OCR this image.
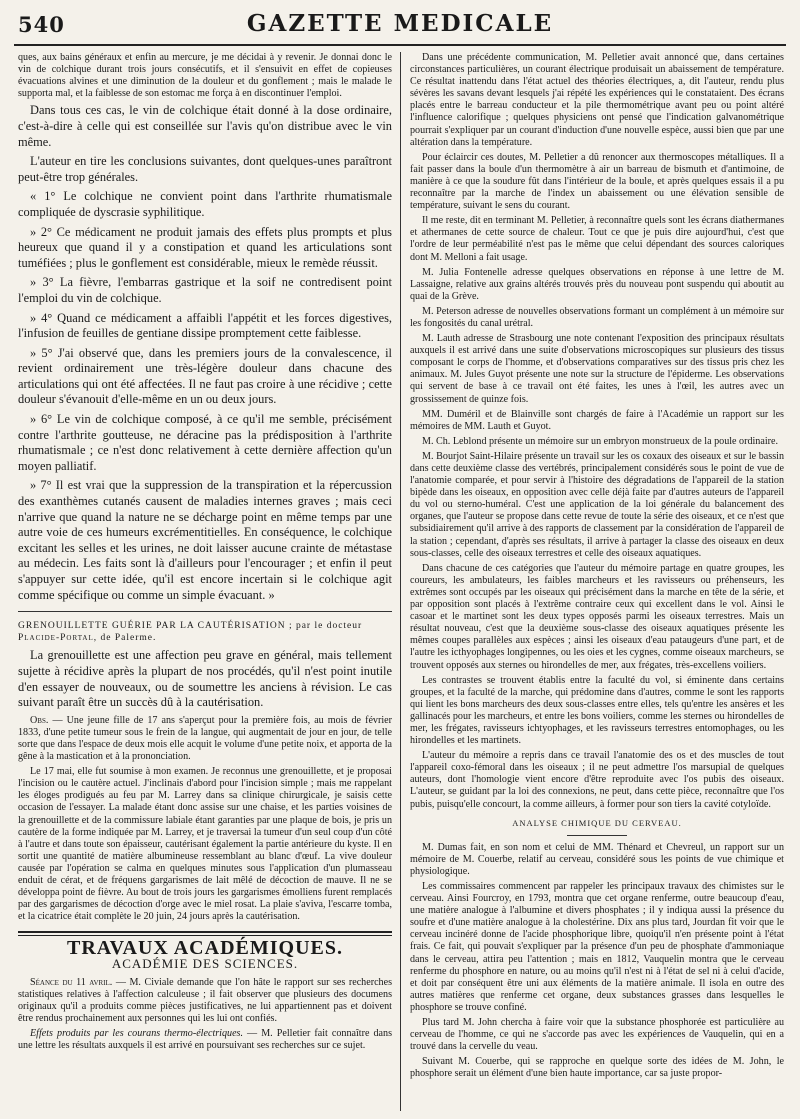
540	GAZETTE MEDICALE

ques, aux bains généraux et enfin au mercure, je me décidai à y revenir. Je donnai donc le vin de colchique durant trois jours consécutifs, et il s'ensuivit en effet de copieuses évacuations alvines et une diminution de la douleur et du gonflement ; mais le malade le supporta mal, et la faiblesse de son estomac me força à en discontinuer l'emploi.

Dans tous ces cas, le vin de colchique était donné à la dose ordinaire, c'est-à-dire à celle qui est conseillée sur l'avis qu'on distribue avec le vin même.

L'auteur en tire les conclusions suivantes, dont quelques-unes paraîtront peut-être trop générales.

« 1° Le colchique ne convient point dans l'arthrite rhumatismale compliquée de dyscrasie syphilitique.

» 2° Ce médicament ne produit jamais des effets plus prompts et plus heureux que quand il y a constipation et quand les articulations sont tuméfiées ; plus le gonflement est considérable, mieux le remède réussit.

» 3° La fièvre, l'embarras gastrique et la soif ne contredisent point l'emploi du vin de colchique.

» 4° Quand ce médicament a affaibli l'appétit et les forces digestives, l'infusion de feuilles de gentiane dissipe promptement cette faiblesse.

» 5° J'ai observé que, dans les premiers jours de la convalescence, il revient ordinairement une très-légère douleur dans chacune des articulations qui ont été affectées. Il ne faut pas croire à une récidive ; cette douleur s'évanouit d'elle-même en un ou deux jours.

» 6° Le vin de colchique composé, à ce qu'il me semble, précisément contre l'arthrite goutteuse, ne déracine pas la prédisposition à l'arthrite rhumatismale ; ce n'est donc relativement à cette dernière affection qu'un moyen palliatif.

» 7° Il est vrai que la suppression de la transpiration et la répercussion des exanthèmes cutanés causent de maladies internes graves ; mais ceci n'arrive que quand la nature ne se décharge point en même temps par une autre voie de ces humeurs excrémentitielles. En conséquence, le colchique excitant les selles et les urines, ne doit laisser aucune crainte de métastase au médecin. Les faits sont là d'ailleurs pour l'encourager ; et enfin il peut s'appuyer sur cette idée, qu'il est encore incertain si le colchique agit comme spécifique ou comme un simple évacuant. »

GRENOUILLETTE GUÉRIE PAR LA CAUTÉRISATION ; par le docteur Placide-Portal, de Palerme.

La grenouillette est une affection peu grave en général, mais tellement sujette à récidive après la plupart de nos procédés, qu'il n'est point inutile d'en essayer de nouveaux, ou de soumettre les anciens à révision. Le cas suivant paraît être un succès dû à la cautérisation.

Obs. — Une jeune fille de 17 ans s'aperçut pour la première fois, au mois de février 1833, d'une petite tumeur sous le frein de la langue, qui augmentait de jour en jour, de telle sorte que dans l'espace de deux mois elle acquit le volume d'une petite noix, et apporta de la gêne à la mastication et à la prononciation.

Le 17 mai, elle fut soumise à mon examen. Je reconnus une grenouillette, et je proposai l'incision ou le cautère actuel. J'inclinais d'abord pour l'incision simple ; mais me rappelant les éloges prodigués au feu par M. Larrey dans sa clinique chirurgicale, je saisis cette occasion de l'essayer. La malade étant donc assise sur une chaise, et les parties voisines de la grenouillette et de la commissure labiale étant garanties par une plaque de bois, je pris un cautère de la forme indiquée par M. Larrey, et je traversai la tumeur d'un seul coup d'un côté à l'autre et dans toute son épaisseur, cautérisant également la partie antérieure du kyste. Il en sortit une quantité de matière albumineuse ressemblant au blanc d'œuf. La vive douleur causée par l'opération se calma en quelques minutes sous l'application d'un plumasseau enduit de cérat, et de fréquens gargarismes de lait mêlé de décoction de mauve. Il ne se développa point de fièvre. Au bout de trois jours les gargarismes émolliens furent remplacés par des gargarismes de décoction d'orge avec le miel rosat. La plaie s'avivа, l'escarre tomba, et la cicatrice était complète le 20 juin, 24 jours après la cautérisation.

TRAVAUX ACADÉMIQUES.
ACADÉMIE DES SCIENCES.

Séance du 11 avril. — M. Civiale demande que l'on hâte le rapport sur ses recherches statistiques relatives à l'affection calculeuse ; il fait observer que plusieurs des documens originaux qu'il a produits comme pièces justificatives, ne lui appartiennent pas et doivent être rendus prochainement aux personnes qui les lui ont confiés.

Effets produits par les courans thermo-électriques. — M. Pelletier fait connaître dans une lettre les résultats auxquels il est arrivé en poursuivant ses recherches sur ce sujet.

Dans une précédente communication, M. Pelletier avait annoncé que, dans certaines circonstances particulières, un courant électrique produisait un abaissement de température. Ce résultat inattendu dans l'état actuel des théories électriques, a, dit l'auteur, rendu plus sévères les savans devant lesquels j'ai répété les expériences qui le constataient. Des écrans placés entre le barreau conducteur et la pile thermométrique avant peu ou point altéré l'influence calorifique ; quelques physiciens ont pensé que l'indication galvanométrique pourrait s'expliquer par un courant d'induction d'une nouvelle espèce, aussi bien que par une altération dans la température.

Pour éclaircir ces doutes, M. Pelletier a dû renoncer aux thermoscopes métalliques. Il a fait passer dans la boule d'un thermomètre à air un barreau de bismuth et d'antimoine, de manière à ce que la soudure fût dans l'intérieur de la boule, et après quelques essais il a pu reconnaître par la marche de l'index un abaissement ou une élévation sensible de température, suivant le sens du courant.

Il me reste, dit en terminant M. Pelletier, à reconnaître quels sont les écrans diathermanes et athermanes de cette source de chaleur. Tout ce que je puis dire aujourd'hui, c'est que l'ordre de leur perméabilité n'est pas le même que celui dépendant des sources caloriques dont M. Melloni a fait usage.

M. Julia Fontenelle adresse quelques observations en réponse à une lettre de M. Lassaigne, relative aux grains altérés trouvés près du nouveau pont suspendu qui aboutit au quai de la Grève.

M. Peterson adresse de nouvelles observations formant un complément à un mémoire sur les fongosités du canal urétral.

M. Lauth adresse de Strasbourg une note contenant l'exposition des principaux résultats auxquels il est arrivé dans une suite d'observations microscopiques sur plusieurs des tissus composant le corps de l'homme, et d'observations comparatives sur des tissus pris chez les animaux. M. Jules Guyot présente une note sur la structure de l'épiderme. Les observations qui servent de base à ce travail ont été faites, les unes à l'œil, les autres avec un grossissement de quinze fois.

MM. Duméril et de Blainville sont chargés de faire à l'Académie un rapport sur les mémoires de MM. Lauth et Guyot.

M. Ch. Leblond présente un mémoire sur un embryon monstrueux de la poule ordinaire.

M. Bourjot Saint-Hilaire présente un travail sur les os coxaux des oiseaux et sur le bassin dans cette deuxième classe des vertébrés, principalement considérés sous le point de vue de l'anatomie comparée, et pour servir à l'histoire des dégradations de l'appareil de la station bipède dans les oiseaux, en opposition avec celle déjà faite par d'autres auteurs de l'appareil du vol ou sterno-huméral. C'est une application de la loi générale du balancement des organes, que l'auteur se propose dans cette revue de toute la série des oiseaux, et ce n'est que subsidiairement qu'il arrive à des rapports de classement par la considération de l'appareil de la station ; cependant, d'après ses résultats, il arrive à partager la classe des oiseaux en deux sous-classes, celle des oiseaux terrestres et celle des oiseaux aquatiques.

Dans chacune de ces catégories que l'auteur du mémoire partage en quatre groupes, les coureurs, les ambulateurs, les faibles marcheurs et les ravisseurs ou préhenseurs, les extrêmes sont occupés par les oiseaux qui précisément dans la marche en tête de la série, et par opposition sont placés à l'extrême contraire ceux qui excellent dans le vol. Ainsi le casoar et le martinet sont les deux types opposés parmi les oiseaux terrestres. Mais un résultat nouveau, c'est que la deuxième sous-classe des oiseaux aquatiques présente les mêmes coupes parallèles aux espèces ; ainsi les oiseaux d'eau pataugeurs d'une part, et de l'autre les icthyophages longipennes, ou les oies et les cygnes, comme oiseaux marcheurs, se trouvent opposés aux sternes ou hirondelles de mer, aux frégates, très-excellens voiliers.

Les contrastes se trouvent établis entre la faculté du vol, si éminente dans certains groupes, et la faculté de la marche, qui prédomine dans d'autres, comme le sont les rapports qui lient les bons marcheurs des deux sous-classes entre elles, tels qu'entre les ansères et les gallinacés pour les marcheurs, et entre les bons voiliers, comme les sternes ou hirondelles de mer, les frégates, ravisseurs ichtyophages, et les ravisseurs terrestres entomophages, ou les hirondelles et les martinets.

L'auteur du mémoire a repris dans ce travail l'anatomie des os et des muscles de tout l'appareil coxo-fémoral dans les oiseaux ; il ne peut admettre l'os marsupial de quelques auteurs, dont l'homologie vient encore d'être reproduite avec l'os pubis des oiseaux. L'auteur, se guidant par la loi des connexions, ne peut, dans cette pièce, reconnaître que l'os pubis, puisqu'elle concourt, la comme ailleurs, à former pour son tiers la cavité cotyloïde.

ANALYSE CHIMIQUE DU CERVEAU.

M. Dumas fait, en son nom et celui de MM. Thénard et Chevreul, un rapport sur un mémoire de M. Couerbe, relatif au cerveau, considéré sous les points de vue chimique et physiologique.

Les commissaires commencent par rappeler les principaux travaux des chimistes sur le cerveau. Ainsi Fourcroy, en 1793, montra que cet organe renferme, outre beaucoup d'eau, une matière analogue à l'albumine et divers phosphates ; il y indiqua aussi la présence du soufre et d'une matière analogue à la cholestérine. Dix ans plus tard, Jourdan fit voir que le cerveau incinéré donne de l'acide phosphorique libre, quoiqu'il n'en présente point à l'état frais. Ce fait, qui pouvait s'expliquer par la présence d'un peu de phosphate d'ammoniaque dans le cerveau, attira peu l'attention ; mais en 1812, Vauquelin montra que le cerveau renferme du phosphore en nature, ou au moins qu'il n'est ni à l'état de sel ni à celui d'acide, et doit par conséquent être uni aux éléments de la matière animale. Il isola en outre des autres matières que renferme cet organe, deux substances grasses dans lesquelles le phosphore se trouve confiné.

Plus tard M. John chercha à faire voir que la substance phosphorée est particulière au cerveau de l'homme, ce qui ne s'accorde pas avec les expériences de Vauquelin, qui en a trouvé dans la cervelle du veau.

Suivant M. Couerbe, qui se rapproche en quelque sorte des idées de M. John, le phosphore serait un élément d'une bien haute importance, car sa juste propor-
